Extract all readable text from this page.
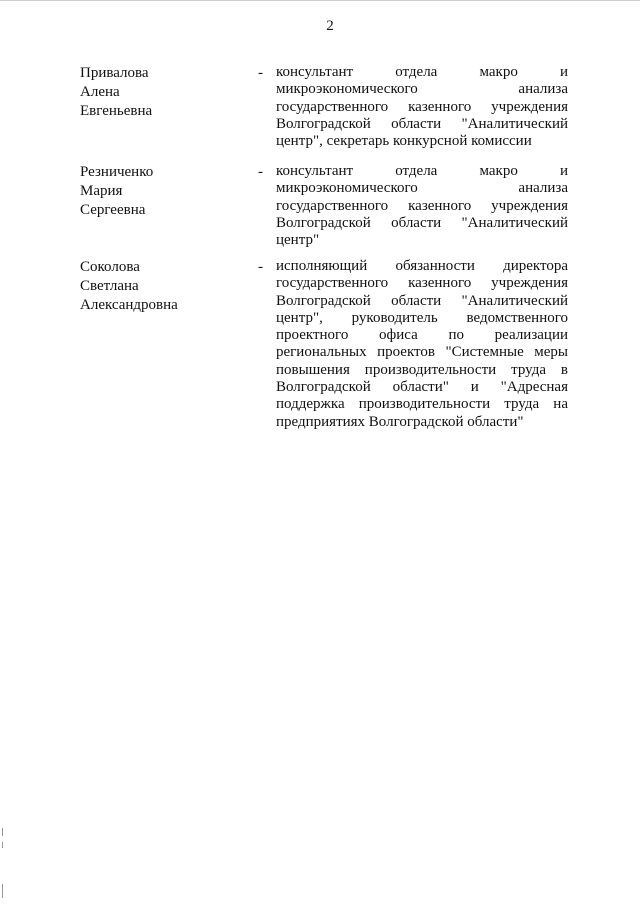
2
Привалова
Алена
Евгеньевна
- консультант отдела макро и
микроэкономического анализа
государственного казенного учреждения
Волгоградской области "Аналитический
центр", секретарь конкурсной комиссии
Резниченко
Мария
Сергеевна
- консультант отдела макро и
микроэкономического анализа
государственного казенного учреждения
Волгоградской области "Аналитический
центр"
Соколова
Светлана
Александровна
- исполняющий обязанности директора
государственного казенного учреждения
Волгоградской области "Аналитический
центр", руководитель ведомственного
проектного офиса по реализации
региональных проектов "Системные меры
повышения производительности труда в
Волгоградской области" и "Адресная
поддержка производительности труда на
предприятиях Волгоградской области"
